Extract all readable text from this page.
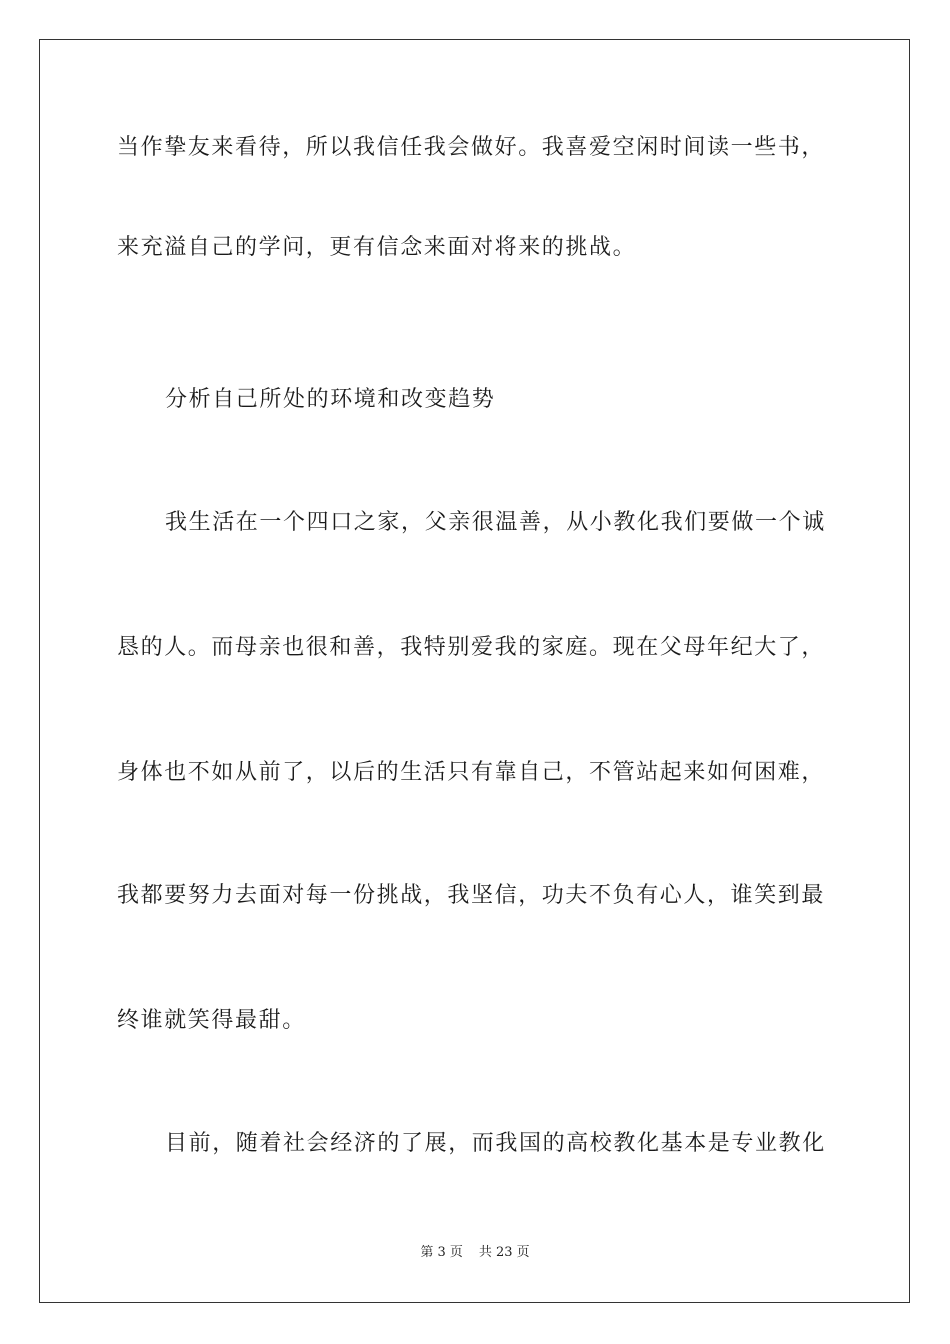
当作挚友来看待，所以我信任我会做好。我喜爱空闲时间读一些书，
来充溢自己的学问，更有信念来面对将来的挑战。
分析自己所处的环境和改变趋势
我生活在一个四口之家，父亲很温善，从小教化我们要做一个诚
恳的人。而母亲也很和善，我特别爱我的家庭。现在父母年纪大了，
身体也不如从前了，以后的生活只有靠自己，不管站起来如何困难，
我都要努力去面对每一份挑战，我坚信，功夫不负有心人，谁笑到最
终谁就笑得最甜。
目前，随着社会经济的了展，而我国的高校教化基本是专业教化
第 3 页 共 23 页
